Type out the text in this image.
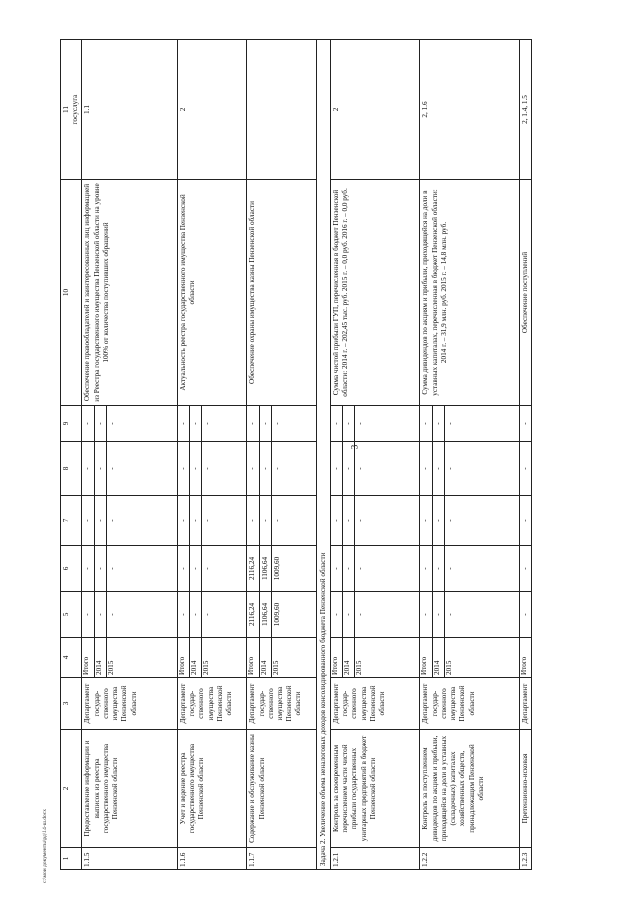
3
c:\мои документы\рд\14-ш.docx 1	2	3	4	5	6	7	8	9	10	11 госуслуга

1.1.5	Предоставление информации и выписок из реестра государственного имущества Пензенской области	Департамент государ-ственного имущества Пензенской области	Итого	-	-	-	-	-	Обеспечение правообладателей и заинтересованных лиц информацией из Реестра государственного имущества Пензенской области на уровне 100% от количества поступивших обращений	1.1
			2014	-	-	-	-	-		
			2015	-	-	-	-	-		
1.1.6	Учет и ведение реестра государственного имущества Пензенской области	Департамент государ-ственного имущества Пензенской области	Итого	-	-	-	-	-	Актуальность реестра государственного имущества Пензенской области	2
			2014	-	-	-	-	-		
			2015	-	-	-	-	-		
1.1.7	Содержание и обслуживание казны Пензенской области	Департамент государ-ственного имущества Пензенской области	Итого	2116,24	2116,24	-	-	-	Обеспечение охраны имущества казны Пензенской области	
			2014	1106,64	1106,64	-	-	-		
			2015	1009,60	1009,60	-	-	-		
Задача 2. Увеличение объема неналоговых доходов консолидированного бюджета Пензенской области										
1.2.1	Контроль за своевременным перечислением части чистой прибыли государственных унитарных предприятий в бюджет Пензенской области	Департамент государ-ственного имущества Пензенской области	Итого	-	-	-	-	-	Сумма чистой прибыли ГУП, перечисленная в бюджет Пензенской области: 2014 г. – 202,45 тыс. руб. 2015 г. – 0,0 руб. 2016 г. – 0,0 руб.	2
			2014	-	-	-	-	-		
			2015	-	-	-	-	-		
1.2.2	Контроль за поступлением дивидендов по акциям и прибыли, приходящейся на доли в уставных (складочных) капиталах хозяйственных обществ, принадлежащим Пензенской области	Департамент государ-ственного имущества Пензенской области	Итого	-	-	-	-	-	Сумма дивидендов по акциям и прибыли, приходящейся на доли в уставных капиталах, перечисленная в бюджет Пензенской области: 2014 г. – 31,9 млн. руб. 2015 г. – 14,8 млн. руб.	2, 1.6
			2014	-	-	-	-	-		
			2015	-	-	-	-	-		
1.2.3	Претензионно-исковая	Департамент	Итого	-	-	-	-	-	Обеспечение поступлений	2, 1.4, 1.5
